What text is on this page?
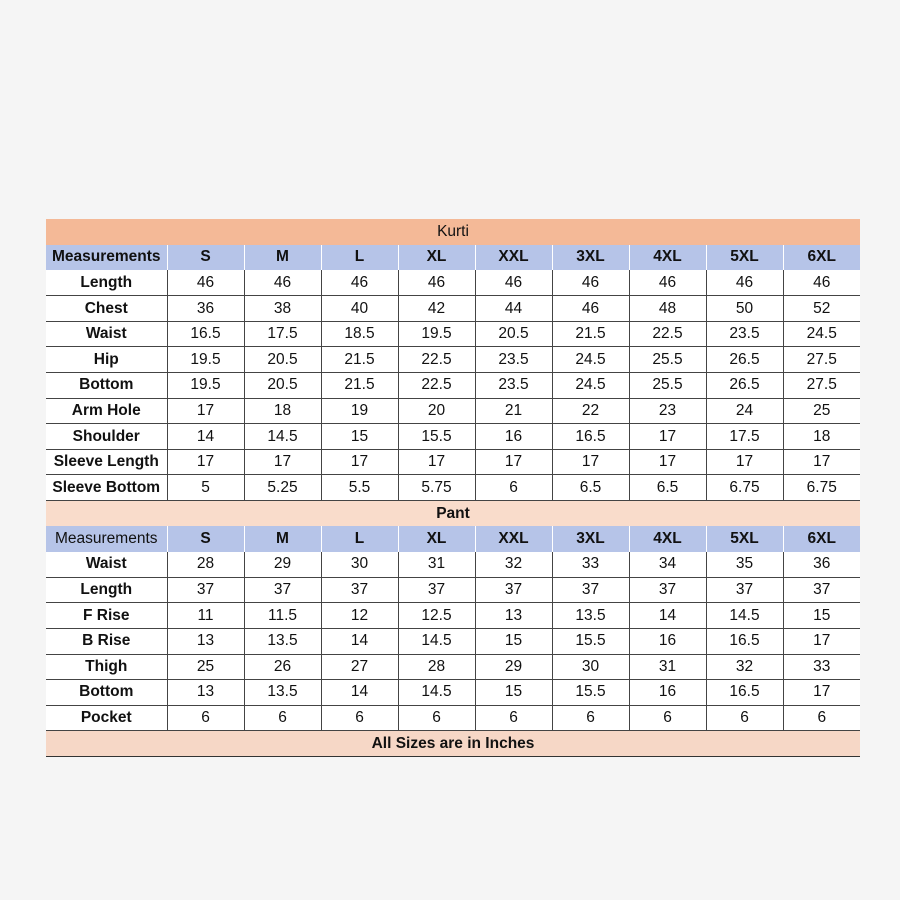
Kurti									
Measurements	S	M	L	XL	XXL	3XL	4XL	5XL	6XL
Length	46	46	46	46	46	46	46	46	46
Chest	36	38	40	42	44	46	48	50	52
Waist	16.5	17.5	18.5	19.5	20.5	21.5	22.5	23.5	24.5
Hip	19.5	20.5	21.5	22.5	23.5	24.5	25.5	26.5	27.5
Bottom	19.5	20.5	21.5	22.5	23.5	24.5	25.5	26.5	27.5
Arm Hole	17	18	19	20	21	22	23	24	25
Shoulder	14	14.5	15	15.5	16	16.5	17	17.5	18
Sleeve Length	17	17	17	17	17	17	17	17	17
Sleeve Bottom	5	5.25	5.5	5.75	6	6.5	6.5	6.75	6.75
Pant									
Measurements	S	M	L	XL	XXL	3XL	4XL	5XL	6XL
Waist	28	29	30	31	32	33	34	35	36
Length	37	37	37	37	37	37	37	37	37
F Rise	11	11.5	12	12.5	13	13.5	14	14.5	15
B Rise	13	13.5	14	14.5	15	15.5	16	16.5	17
Thigh	25	26	27	28	29	30	31	32	33
Bottom	13	13.5	14	14.5	15	15.5	16	16.5	17
Pocket	6	6	6	6	6	6	6	6	6
All Sizes are in Inches									
